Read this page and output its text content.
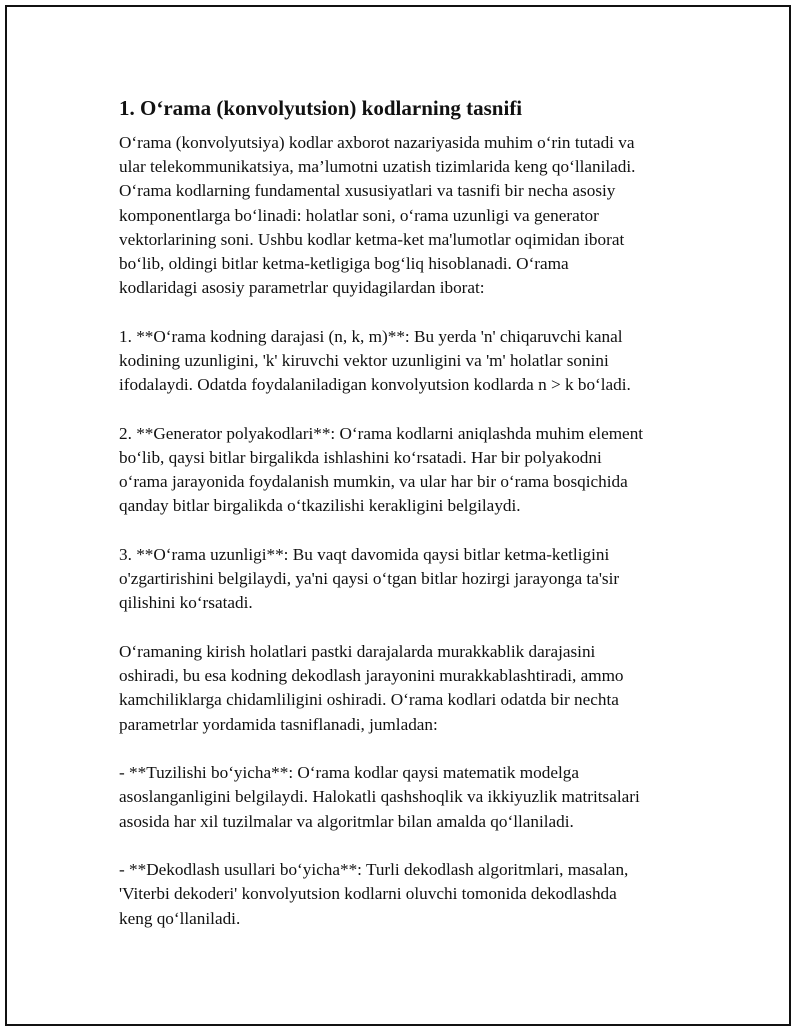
1. O‘rama (konvolyutsion) kodlarning tasnifi

O‘rama (konvolyutsiya) kodlar axborot nazariyasida muhim o‘rin tutadi va
ular telekommunikatsiya, ma’lumotni uzatish tizimlarida keng qo‘llaniladi.
O‘rama kodlarning fundamental xususiyatlari va tasnifi bir necha asosiy
komponentlarga bo‘linadi: holatlar soni, o‘rama uzunligi va generator
vektorlarining soni. Ushbu kodlar ketma-ket ma'lumotlar oqimidan iborat
bo‘lib, oldingi bitlar ketma-ketligiga bog‘liq hisoblanadi. O‘rama
kodlaridagi asosiy parametrlar quyidagilardan iborat:

1. **O‘rama kodning darajasi (n, k, m)**: Bu yerda 'n' chiqaruvchi kanal
kodining uzunligini, 'k' kiruvchi vektor uzunligini va 'm' holatlar sonini
ifodalaydi. Odatda foydalaniladigan konvolyutsion kodlarda n > k bo‘ladi.

2. **Generator polyakodlari**: O‘rama kodlarni aniqlashda muhim element
bo‘lib, qaysi bitlar birgalikda ishlashini ko‘rsatadi. Har bir polyakodni
o‘rama jarayonida foydalanish mumkin, va ular har bir o‘rama bosqichida
qanday bitlar birgalikda o‘tkazilishi kerakligini belgilaydi.

3. **O‘rama uzunligi**: Bu vaqt davomida qaysi bitlar ketma-ketligini
o'zgartirishini belgilaydi, ya'ni qaysi o‘tgan bitlar hozirgi jarayonga ta'sir
qilishini ko‘rsatadi.

O‘ramaning kirish holatlari pastki darajalarda murakkablik darajasini
oshiradi, bu esa kodning dekodlash jarayonini murakkablashtiradi, ammo
kamchiliklarga chidamliligini oshiradi. O‘rama kodlari odatda bir nechta
parametrlar yordamida tasniflanadi, jumladan:

- **Tuzilishi bo‘yicha**: O‘rama kodlar qaysi matematik modelga
asoslanganligini belgilaydi. Halokatli qashshoqlik va ikkiyuzlik matritsalari
asosida har xil tuzilmalar va algoritmlar bilan amalda qo‘llaniladi.

- **Dekodlash usullari bo‘yicha**: Turli dekodlash algoritmlari, masalan,
'Viterbi dekoderi' konvolyutsion kodlarni oluvchi tomonida dekodlashda
keng qo‘llaniladi.
